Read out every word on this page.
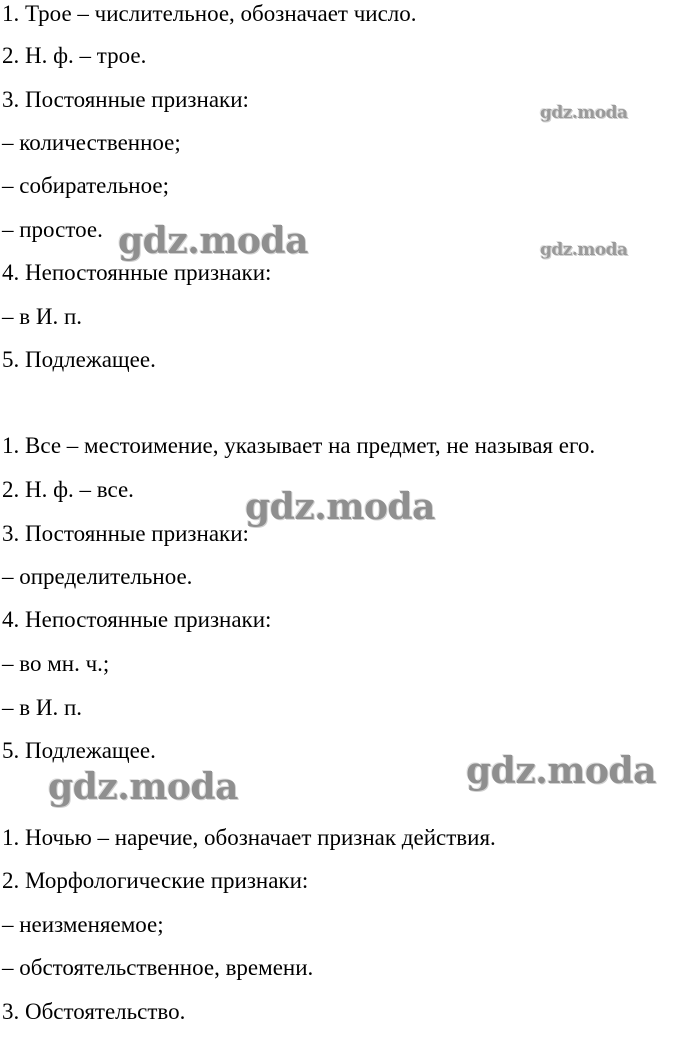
1. Трое – числительное, обозначает число.
2. Н. ф. – трое.
3. Постоянные признаки:
– количественное;
– собирательное;
– простое.
4. Непостоянные признаки:
– в И. п.
5. Подлежащее.
1. Все – местоимение, указывает на предмет, не называя его.
2. Н. ф. – все.
3. Постоянные признаки:
– определительное.
4. Непостоянные признаки:
– во мн. ч.;
– в И. п.
5. Подлежащее.
1. Ночью – наречие, обозначает признак действия.
2. Морфологические признаки:
– неизменяемое;
– обстоятельственное, времени.
3. Обстоятельство.
gdz.moda
gdz.moda
gdz.moda
gdz.moda
gdz.moda	gdz.moda
